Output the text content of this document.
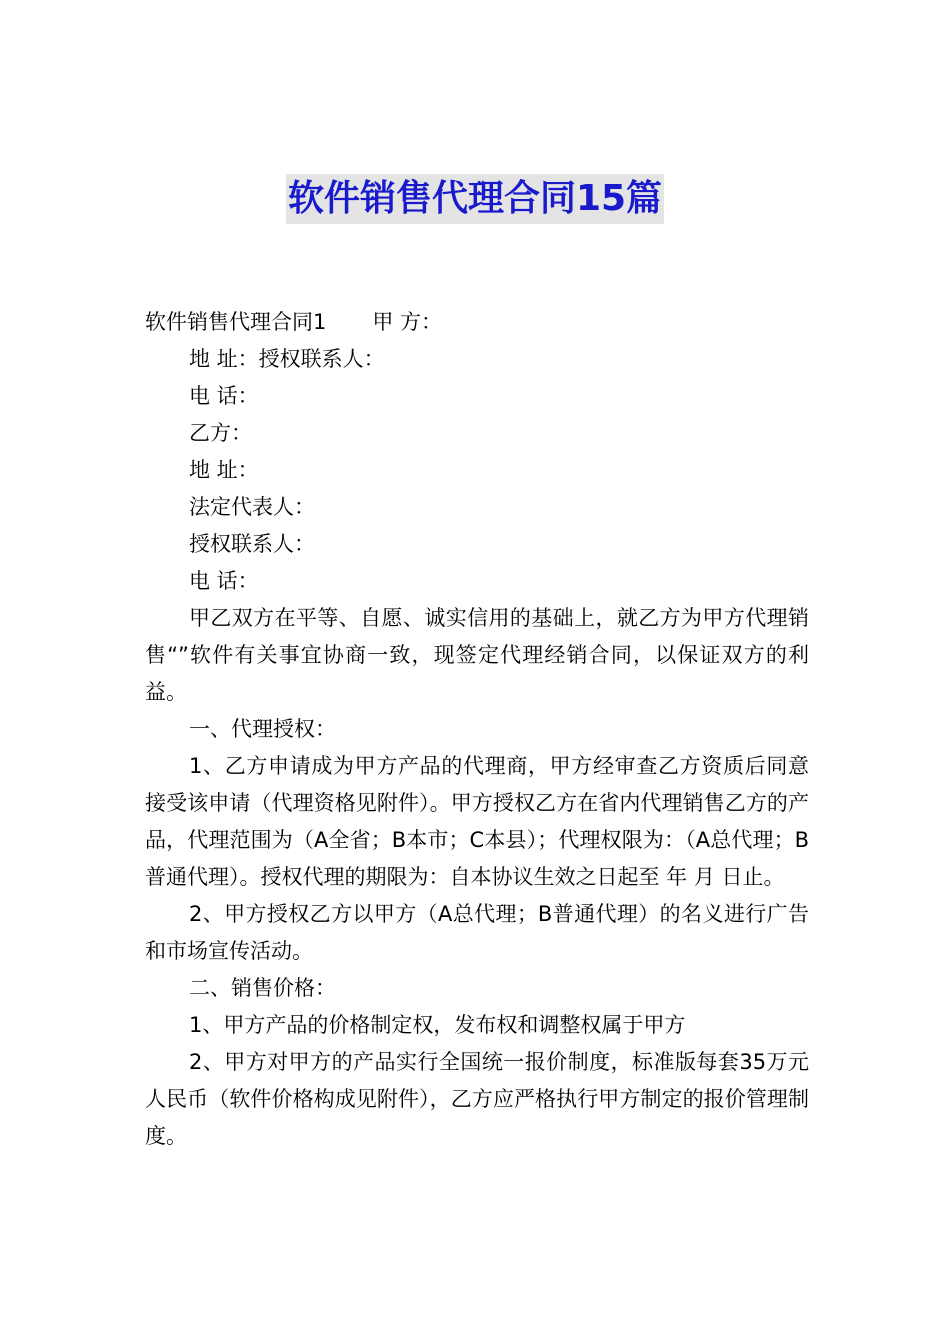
软件销售代理合同15篇
软件销售代理合同1 甲 方：
地 址：授权联系人：
电 话：
乙方：
地 址：
法定代表人：
授权联系人：
电 话：
甲乙双方在平等、自愿、诚实信用的基础上，就乙方为甲方代理销售“”软件有关事宜协商一致，现签定代理经销合同，以保证双方的利益。
一、代理授权：
1、乙方申请成为甲方产品的代理商，甲方经审查乙方资质后同意接受该申请（代理资格见附件）。甲方授权乙方在省内代理销售乙方的产品，代理范围为（A全省；B本市；C本县）；代理权限为：（A总代理；B普通代理）。授权代理的期限为：自本协议生效之日起至 年 月 日止。
2、甲方授权乙方以甲方（A总代理；B普通代理）的名义进行广告和市场宣传活动。
二、销售价格：
1、甲方产品的价格制定权，发布权和调整权属于甲方
2、甲方对甲方的产品实行全国统一报价制度，标准版每套35万元人民币（软件价格构成见附件），乙方应严格执行甲方制定的报价管理制度。
